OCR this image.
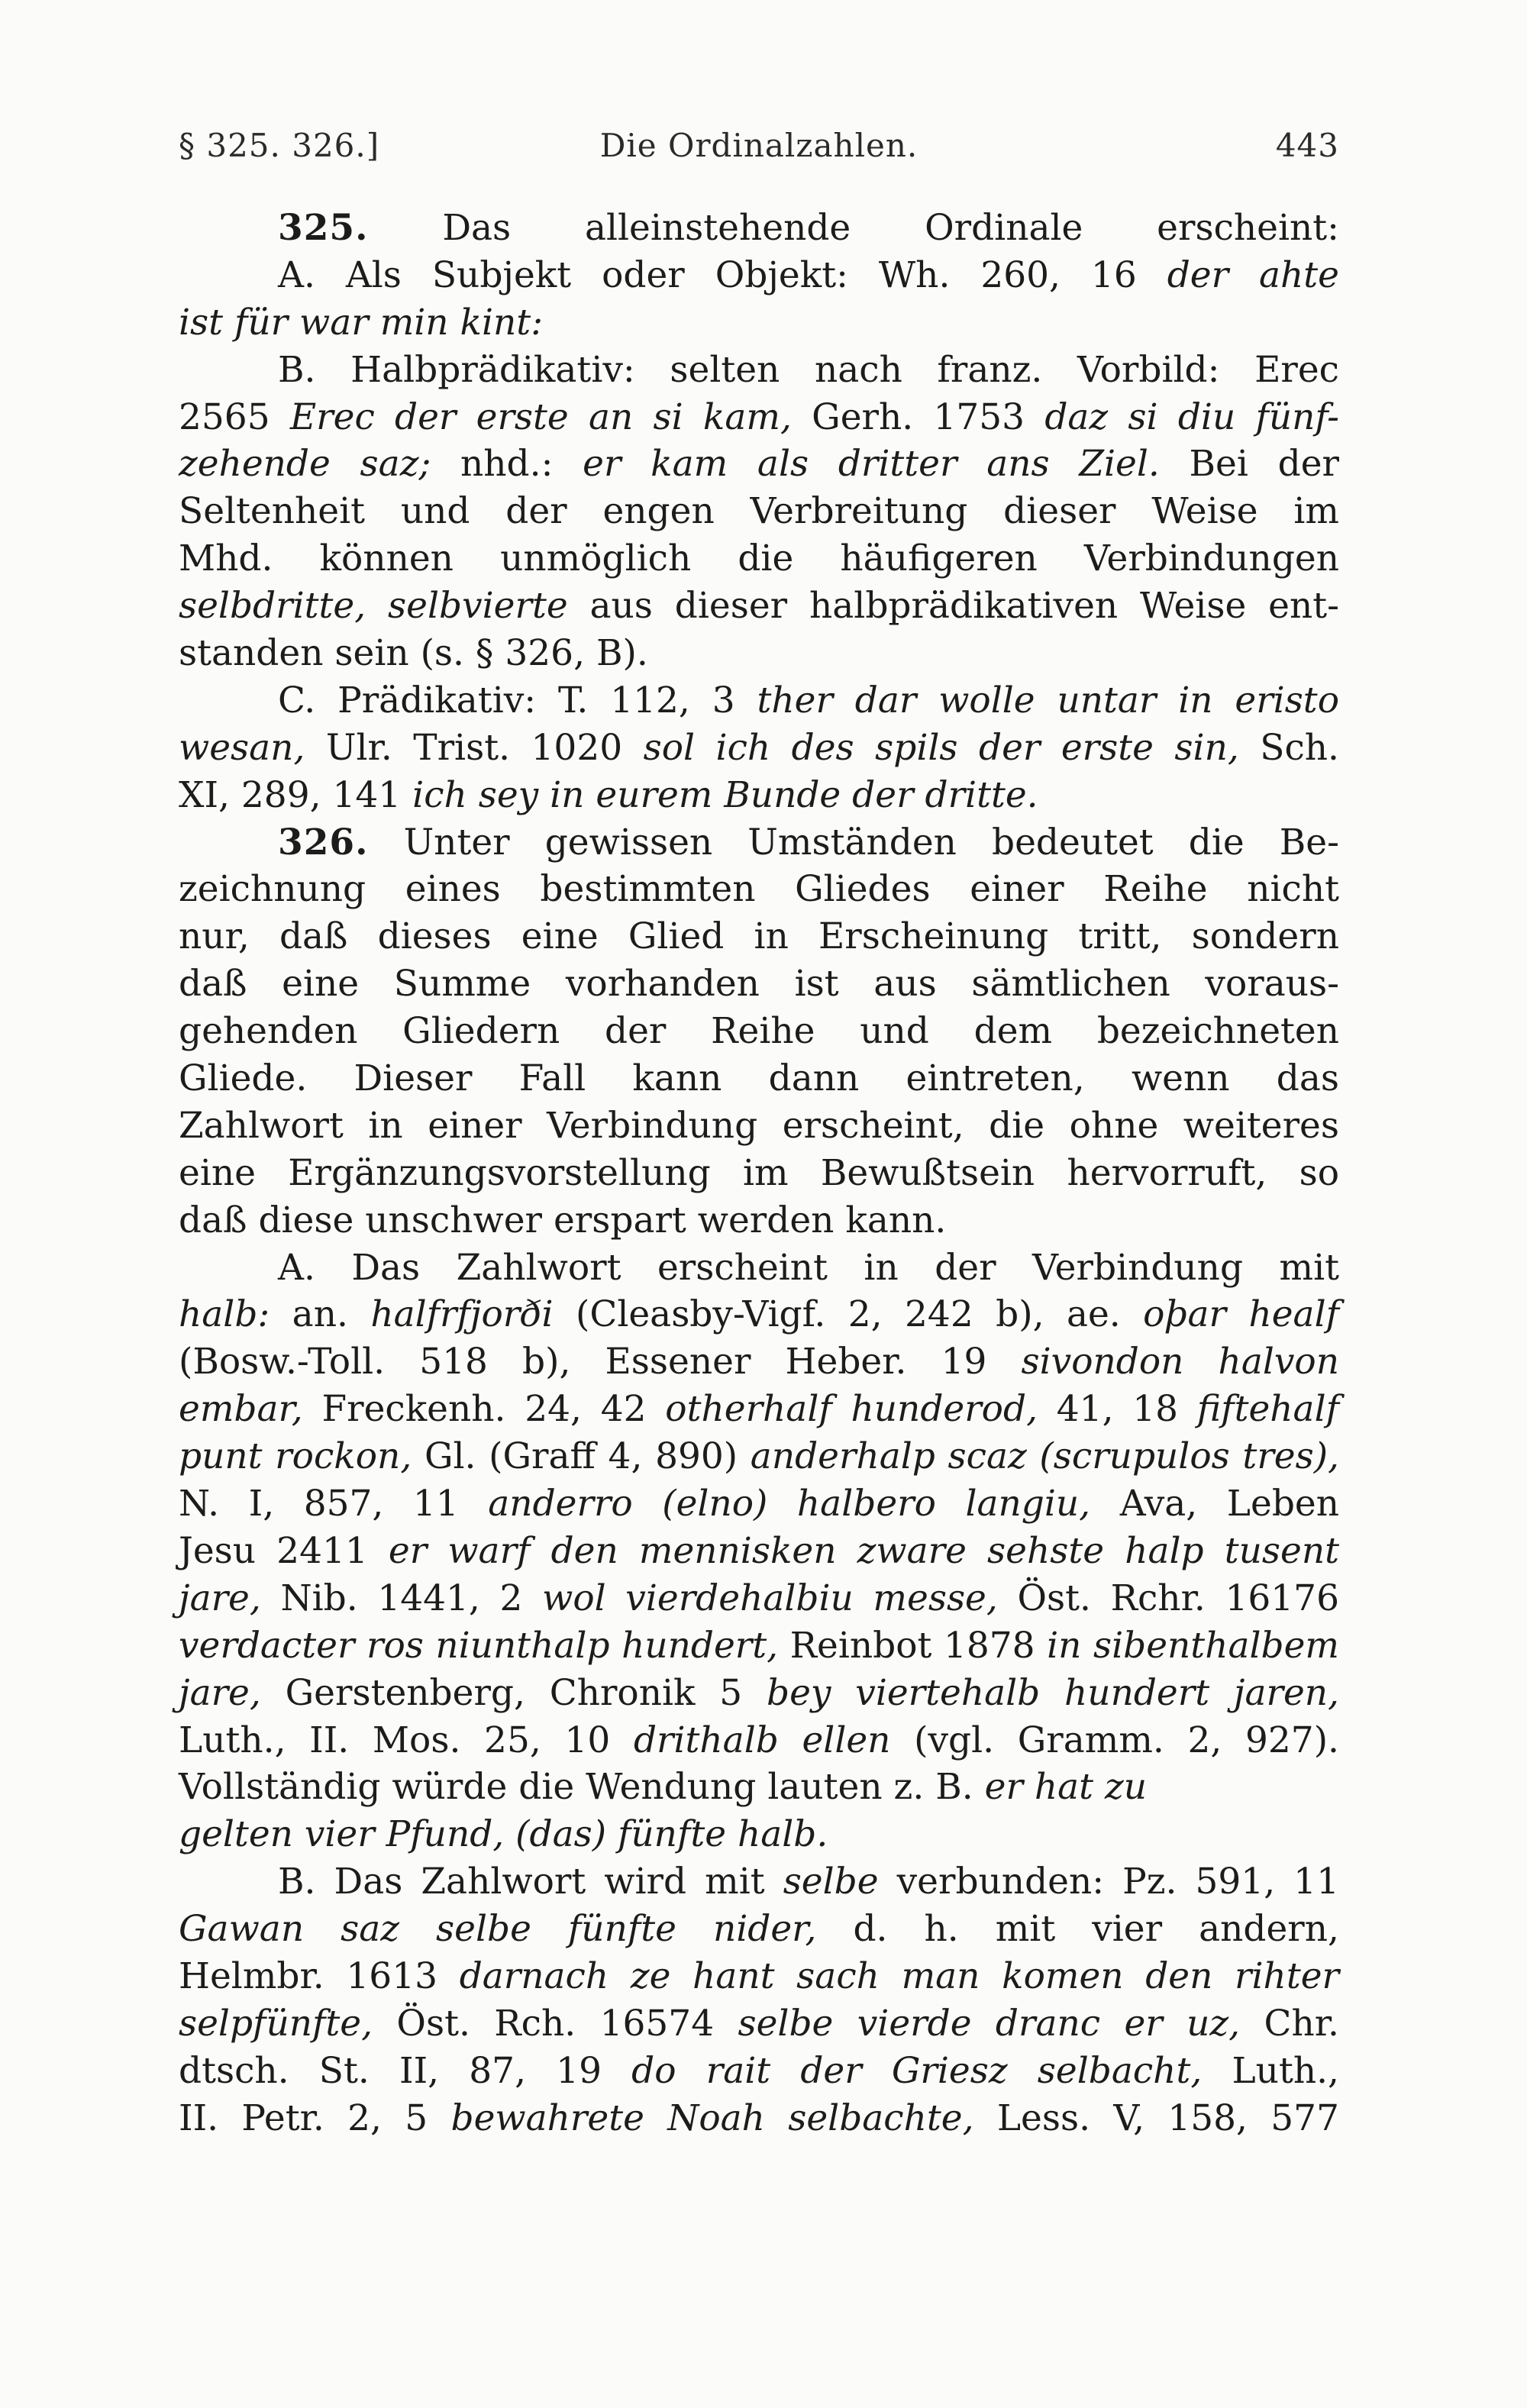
§ 325. 326.]	Die Ordinalzahlen.	443
325. Das alleinstehende Ordinale erscheint:
A. Als Subjekt oder Objekt: Wh. 260, 16 der ahte
ist für war min kint:
B. Halbprädikativ: selten nach franz. Vorbild: Erec
2565 Erec der erste an si kam, Gerh. 1753 daz si diu fünf-
zehende saz; nhd.: er kam als dritter ans Ziel. Bei der
Seltenheit und der engen Verbreitung dieser Weise im
Mhd. können unmöglich die häufigeren Verbindungen
selbdritte, selbvierte aus dieser halbprädikativen Weise ent-
standen sein (s. § 326, B).
C. Prädikativ: T. 112, 3 ther dar wolle untar in eristo
wesan, Ulr. Trist. 1020 sol ich des spils der erste sin, Sch.
XI, 289, 141 ich sey in eurem Bunde der dritte.
326. Unter gewissen Umständen bedeutet die Be-
zeichnung eines bestimmten Gliedes einer Reihe nicht
nur, daß dieses eine Glied in Erscheinung tritt, sondern
daß eine Summe vorhanden ist aus sämtlichen voraus-
gehenden Gliedern der Reihe und dem bezeichneten
Gliede. Dieser Fall kann dann eintreten, wenn das
Zahlwort in einer Verbindung erscheint, die ohne weiteres
eine Ergänzungsvorstellung im Bewußtsein hervorruft, so
daß diese unschwer erspart werden kann.
A. Das Zahlwort erscheint in der Verbindung mit
halb: an. halfrfjorði (Cleasby-Vigf. 2, 242 b), ae. oþar healf
(Bosw.-Toll. 518 b), Essener Heber. 19 sivondon halvon
embar, Freckenh. 24, 42 otherhalf hunderod, 41, 18 fiftehalf
punt rockon, Gl. (Graff 4, 890) anderhalp scaz (scrupulos tres),
N. I, 857, 11 anderro (elno) halbero langiu, Ava, Leben
Jesu 2411 er warf den mennisken zware sehste halp tusent
jare, Nib. 1441, 2 wol vierdehalbiu messe, Öst. Rchr. 16176
verdacter ros niunthalp hundert, Reinbot 1878 in sibenthalbem
jare, Gerstenberg, Chronik 5 bey viertehalb hundert jaren,
Luth., II. Mos. 25, 10 drithalb ellen (vgl. Gramm. 2, 927).
Vollständig würde die Wendung lauten z. B. er hat zu
gelten vier Pfund, (das) fünfte halb.
B. Das Zahlwort wird mit selbe verbunden: Pz. 591, 11
Gawan saz selbe fünfte nider, d. h. mit vier andern,
Helmbr. 1613 darnach ze hant sach man komen den rihter
selpfünfte, Öst. Rch. 16574 selbe vierde dranc er uz, Chr.
dtsch. St. II, 87, 19 do rait der Griesz selbacht, Luth.,
II. Petr. 2, 5 bewahrete Noah selbachte, Less. V, 158, 577
